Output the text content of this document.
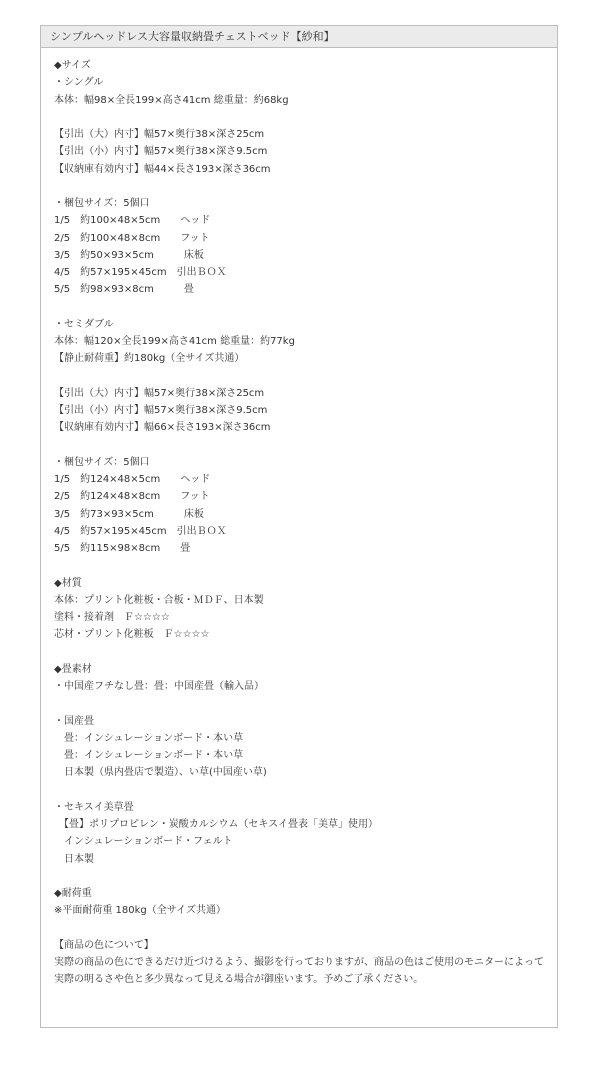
シンプルヘッドレス大容量収納畳チェストベッド【紗和】
◆サイズ
・シングル
本体：幅98×全長199×高さ41cm 総重量：約68kg
【引出（大）内寸】幅57×奥行38×深さ25cm
【引出（小）内寸】幅57×奥行38×深さ9.5cm
【収納庫有効内寸】幅44×長さ193×深さ36cm
・梱包サイズ：5個口
1/5　約100×48×5cm　　ヘッド
2/5　約100×48×8cm　　フット
3/5　約50×93×5cm　　　床板
4/5　約57×195×45cm　引出ＢＯＸ
5/5　約98×93×8cm　　　畳
・セミダブル
本体：幅120×全長199×高さ41cm 総重量：約77kg
【静止耐荷重】約180kg（全サイズ共通）
【引出（大）内寸】幅57×奥行38×深さ25cm
【引出（小）内寸】幅57×奥行38×深さ9.5cm
【収納庫有効内寸】幅66×長さ193×深さ36cm
・梱包サイズ：5個口
1/5　約124×48×5cm　　ヘッド
2/5　約124×48×8cm　　フット
3/5　約73×93×5cm　　　床板
4/5　約57×195×45cm　引出ＢＯＸ
5/5　約115×98×8cm　　畳
◆材質
本体：プリント化粧板・合板・ＭＤＦ、日本製
塗料・接着剤　Ｆ☆☆☆☆
芯材・プリント化粧板　Ｆ☆☆☆☆
◆畳素材
・中国産フチなし畳：畳：中国産畳（輸入品）
・国産畳
　畳：インシュレーションボード・本い草
　畳：インシュレーションボード・本い草
　日本製（県内畳店で製造）、い草(中国産い草)
・セキスイ美草畳
　【畳】ポリプロピレン・炭酸カルシウム（セキスイ畳表「美草」使用）
　インシュレーションボード・フェルト
　日本製
◆耐荷重
※平面耐荷重 180kg（全サイズ共通）
【商品の色について】
実際の商品の色にできるだけ近づけるよう、撮影を行っておりますが、商品の色はご使用のモニターによって実際の明るさや色と多少異なって見える場合が御座います。予めご了承ください。
